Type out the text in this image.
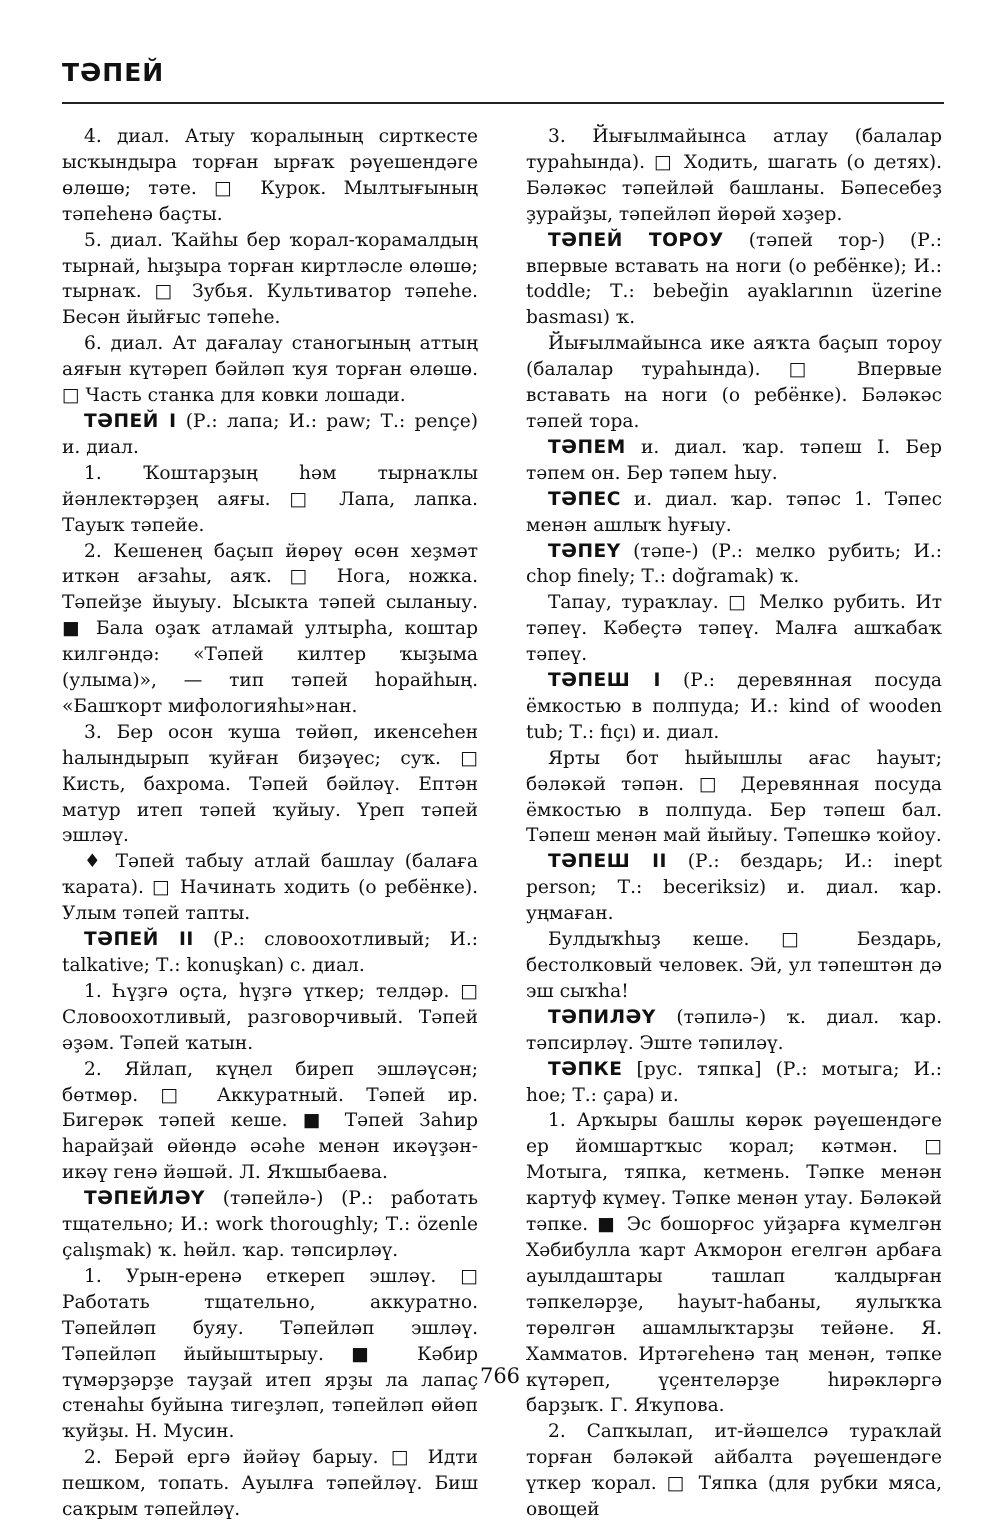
ТӘПЕЙ

4. диал. Атыу ҡоралының сирткесте ысҡындыра торған ырғаҡ рәүешендәге өлөшө; тәте. □ Курок. Мылтығының тәпеһенә баҫты.

5. диал. Ҡайһы бер ҡорал-ҡорамалдың тырнай, һыҙыра торған киртләсле өлөшө; тырнаҡ. □ Зубья. Культиватор тәпеһе. Бесән йыйғыс тәпеһе.

6. диал. Ат дағалау станогының аттың аяғын күтәреп бәйләп ҡуя торған өлөшө. □ Часть станка для ковки лошади.

ТӘПЕЙ I (Р.: лапа; И.: paw; Т.: pençe) и. диал.

1. Ҡоштарҙың һәм тырнаҡлы йәнлектәрҙең аяғы. □ Лапа, лапка. Тауыҡ тәпейе.

2. Кешенең баҫып йөрөү өсөн хеҙмәт иткән ағзаһы, аяҡ. □ Нога, ножка. Тәпейҙе йыуыу. Ысыкта тәпей сыланыу. ■ Бала оҙаҡ атламай ултырһа, коштар килгәндә: «Тәпей килтер ҡыҙыма (улыма)», — тип тәпей һорайһың. «Башҡорт мифологияһы»нан.

3. Бер осон ҡуша төйөп, икенсеһен һалындырып ҡуйған биҙәүес; суҡ. □ Кисть, бахрома. Тәпей бәйләү. Ептән матур итеп тәпей ҡуйыу. Үреп тәпей эшләү.

♦ Тәпей табыу атлай башлау (балаға ҡарата). □ Начинать ходить (о ребёнке). Улым тәпей тапты.

ТӘПЕЙ II (Р.: словоохотливый; И.: talkative; Т.: konuşkan) с. диал.

1. Һүҙгә оҫта, һүҙгә үткер; телдәр. □ Словоохотливый, разговорчивый. Тәпей әҙәм. Тәпей ҡатын.

2. Яйлап, күңел биреп эшләүсән; бөтмөр. □ Аккуратный. Тәпей ир. Бигерәк тәпей кеше. ■ Тәпей Заһир һарайҙай өйөндә әсәһе менән икәүҙән-икәү генә йәшәй. Л. Яҡшыбаева.

ТӘПЕЙЛӘҮ (тәпейлә-) (Р.: работать тщательно; И.: work thoroughly; Т.: özenle çalışmak) ҡ. һөйл. ҡар. тәпсирләү.

1. Урын-еренә еткереп эшләү. □ Работать тщательно, аккуратно. Тәпейләп буяу. Тәпейләп эшләү. Тәпейләп йыйыштырыу. ■ Кәбир түмәрҙәрҙе тауҙай итеп ярҙы ла лапаҫ стенаһы буйына тигеҙләп, тәпейләп өйөп ҡуйҙы. Н. Мусин.

2. Берәй ергә йәйәү барыу. □ Идти пешком, топать. Ауылға тәпейләү. Биш саҡрым тәпейләү.

3. Йығылмайынса атлау (балалар тураһында). □ Ходить, шагать (о детях). Бәләкәс тәпейләй башланы. Бәпесебеҙ ҙурайҙы, тәпейләп йөрөй хәҙер.

ТӘПЕЙ ТОРОУ (тәпей тор-) (Р.: впервые вставать на ноги (о ребёнке); И.: toddle; Т.: bebeğin ayaklarının üzerine basması) ҡ.

Йығылмайынса ике аяҡта баҫып тороу (балалар тураһында). □ Впервые вставать на ноги (о ребёнке). Бәләкәс тәпей тора.

ТӘПЕМ и. диал. ҡар. тәпеш I. Бер тәпем он. Бер тәпем һыу.

ТӘПЕС и. диал. ҡар. тәпәс 1. Тәпес менән ашлыҡ һуғыу.

ТӘПЕҮ (тәпе-) (Р.: мелко рубить; И.: chop finely; Т.: doğramak) ҡ.

Тапау, тураҡлау. □ Мелко рубить. Ит тәпеү. Кәбеҫтә тәпеү. Малға ашҡабаҡ тәпеү.

ТӘПЕШ I (Р.: деревянная посуда ёмкостью в полпуда; И.: kind of wooden tub; Т.: fıçı) и. диал.

Ярты бот һыйышлы ағас һауыт; бәләкәй тәпән. □ Деревянная посуда ёмкостью в полпуда. Бер тәпеш бал. Тәпеш менән май йыйыу. Тәпешкә ҡойоу.

ТӘПЕШ II (Р.: бездарь; И.: inept person; Т.: beceriksiz) и. диал. ҡар. уңмаған.

Булдыҡһыҙ кеше. □ Бездарь, бестолковый человек. Эй, ул тәпештән дә эш сыҡһа!

ТӘПИЛӘҮ (тәпилә-) ҡ. диал. ҡар. тәпсирләү. Эште тәпиләү.

ТӘПКЕ [рус. тяпка] (Р.: мотыга; И.: hoe; Т.: çapa) и.

1. Арҡыры башлы көрәк рәүешендәге ер йомшартҡыс ҡорал; кәтмән. □ Мотыга, тяпка, кетмень. Тәпке менән картуф күмеү. Тәпке менән утау. Бәләкәй тәпке. ■ Эс бошорғос уйҙарға күмелгән Хәбибулла ҡарт Аҡморон егелгән арбаға ауылдаштары ташлап ҡалдырған тәпкеләрҙе, һауыт-һабаны, яулыҡҡа төрөлгән ашамлыҡтарҙы тейәне. Я. Хамматов. Иртәгеһенә таң менән, тәпке күтәреп, үҫентеләрҙе һирәкләргә барҙыҡ. Г. Яҡупова.

2. Сапҡылап, ит-йәшелсә тураҡлай торған бәләкәй айбалта рәүешендәге үткер ҡорал. □ Тяпка (для рубки мяса, овощей

766
